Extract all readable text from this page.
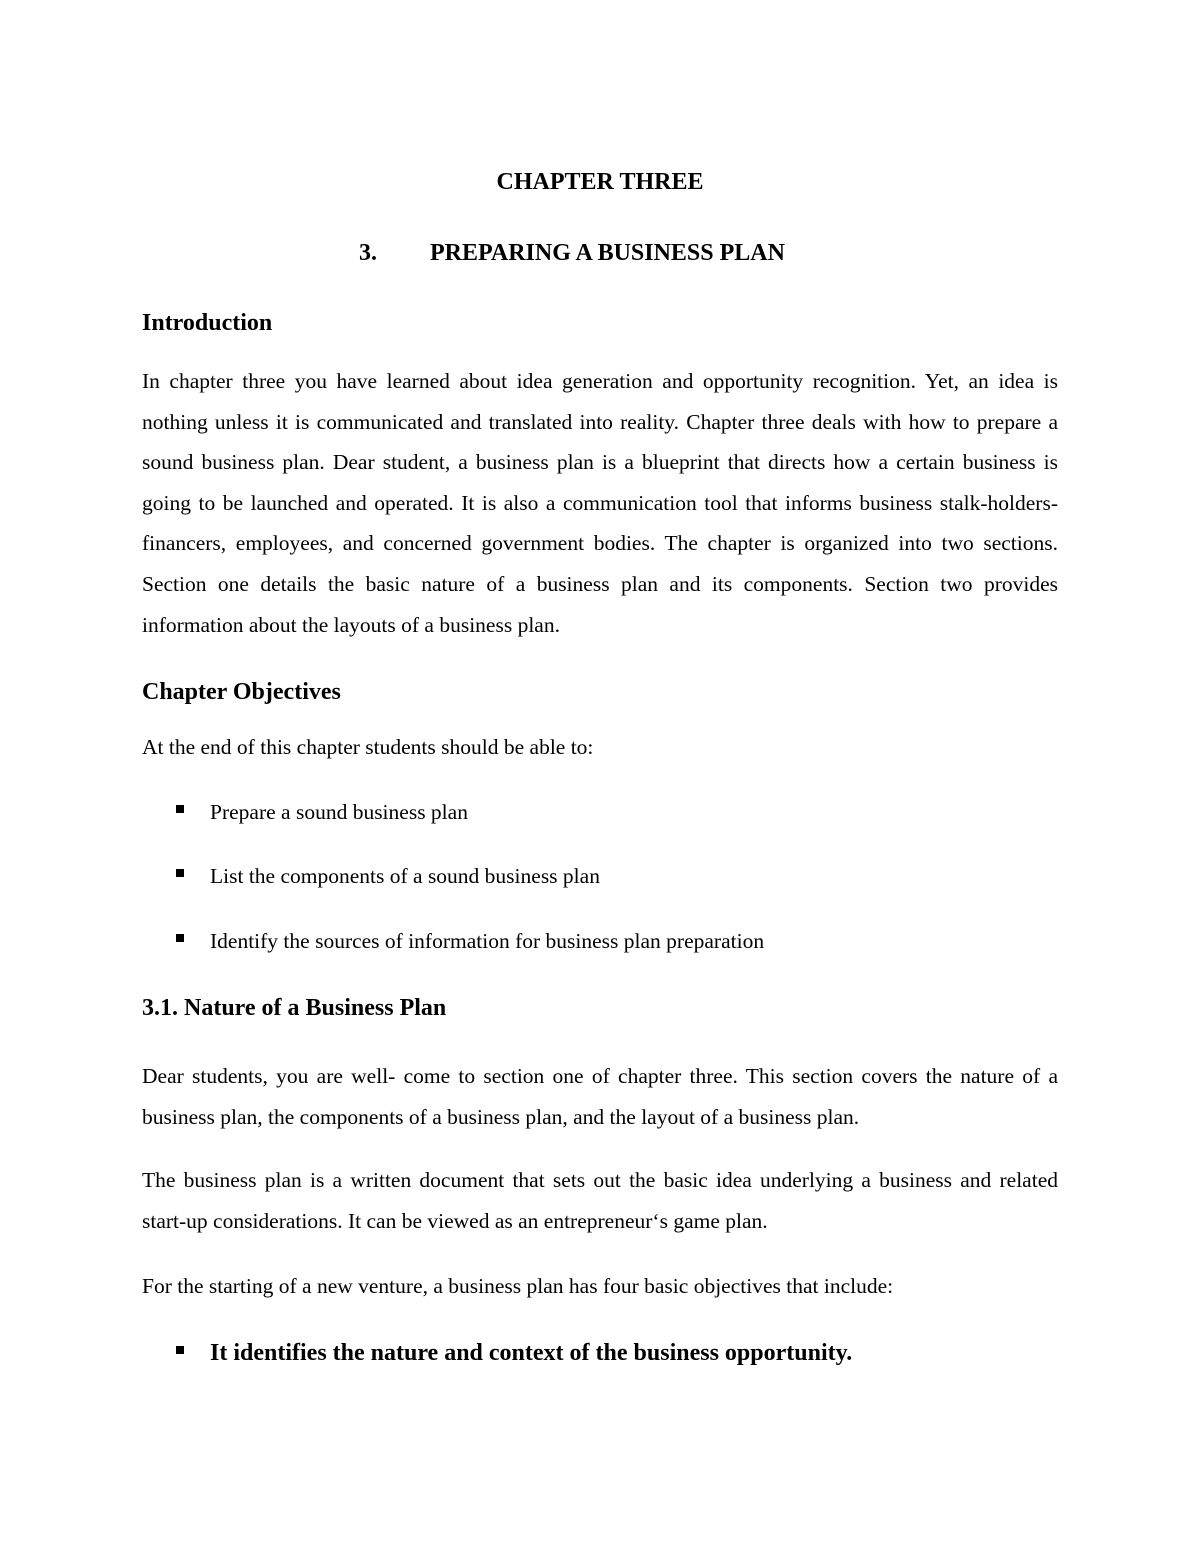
CHAPTER THREE
3. PREPARING A BUSINESS PLAN
Introduction
In chapter three you have learned about idea generation and opportunity recognition. Yet, an idea is nothing unless it is communicated and translated into reality. Chapter three deals with how to prepare a sound business plan. Dear student, a business plan is a blueprint that directs how a certain business is going to be launched and operated. It is also a communication tool that informs business stalk-holders- financers, employees, and concerned government bodies. The chapter is organized into two sections. Section one details the basic nature of a business plan and its components. Section two provides information about the layouts of a business plan.
Chapter Objectives
At the end of this chapter students should be able to:
Prepare a sound business plan
List the components of a sound business plan
Identify the sources of information for business plan preparation
3.1. Nature of a Business Plan
Dear students, you are well- come to section one of chapter three. This section covers the nature of a business plan, the components of a business plan, and the layout of a business plan.
The business plan is a written document that sets out the basic idea underlying a business and related start-up considerations. It can be viewed as an entrepreneur‘s game plan.
For the starting of a new venture, a business plan has four basic objectives that include:
It identifies the nature and context of the business opportunity.
